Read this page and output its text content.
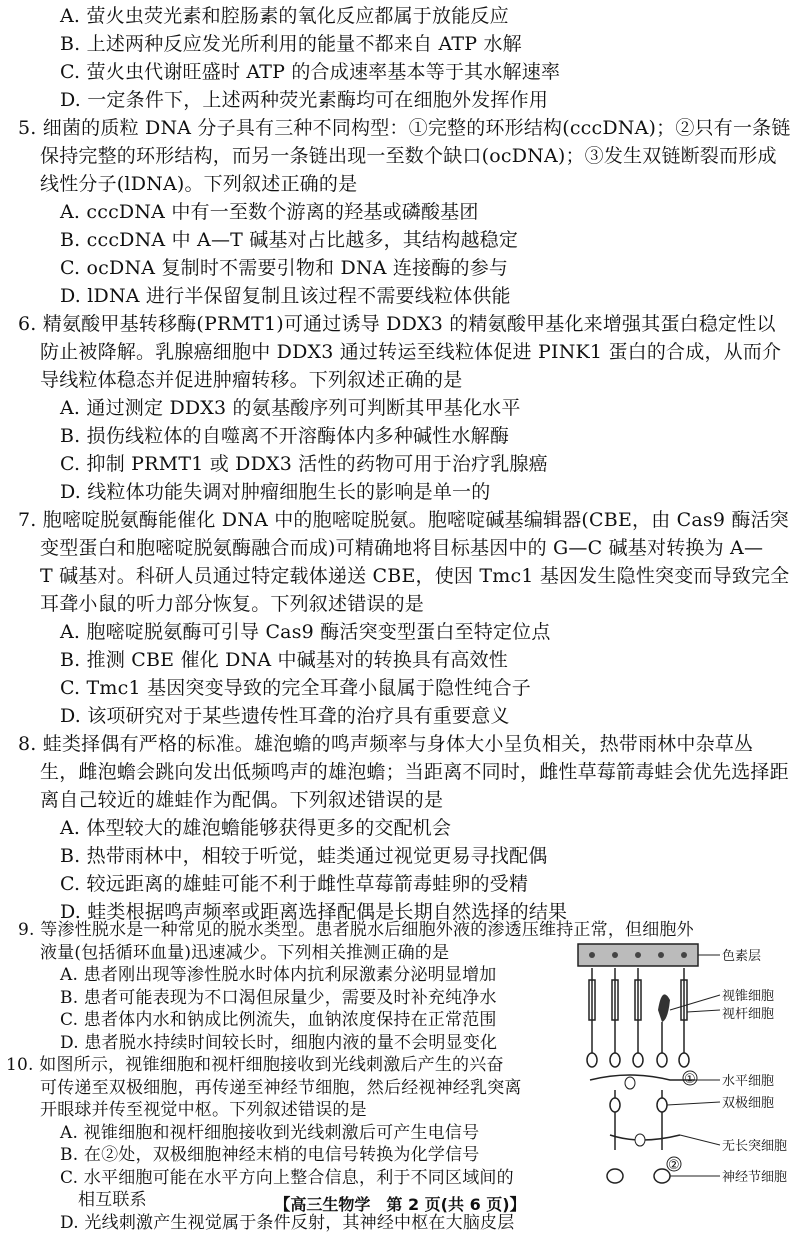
A. 萤火虫荧光素和腔肠素的氧化反应都属于放能反应
B. 上述两种反应发光所利用的能量不都来自 ATP 水解
C. 萤火虫代谢旺盛时 ATP 的合成速率基本等于其水解速率
D. 一定条件下，上述两种荧光素酶均可在细胞外发挥作用
5. 细菌的质粒 DNA 分子具有三种不同构型：①完整的环形结构(cccDNA)；②只有一条链
保持完整的环形结构，而另一条链出现一至数个缺口(ocDNA)；③发生双链断裂而形成
线性分子(lDNA)。下列叙述正确的是
A. cccDNA 中有一至数个游离的羟基或磷酸基团
B. cccDNA 中 A—T 碱基对占比越多，其结构越稳定
C. ocDNA 复制时不需要引物和 DNA 连接酶的参与
D. lDNA 进行半保留复制且该过程不需要线粒体供能
6. 精氨酸甲基转移酶(PRMT1)可通过诱导 DDX3 的精氨酸甲基化来增强其蛋白稳定性以
防止被降解。乳腺癌细胞中 DDX3 通过转运至线粒体促进 PINK1 蛋白的合成，从而介
导线粒体稳态并促进肿瘤转移。下列叙述正确的是
A. 通过测定 DDX3 的氨基酸序列可判断其甲基化水平
B. 损伤线粒体的自噬离不开溶酶体内多种碱性水解酶
C. 抑制 PRMT1 或 DDX3 活性的药物可用于治疗乳腺癌
D. 线粒体功能失调对肿瘤细胞生长的影响是单一的
7. 胞嘧啶脱氨酶能催化 DNA 中的胞嘧啶脱氨。胞嘧啶碱基编辑器(CBE，由 Cas9 酶活突
变型蛋白和胞嘧啶脱氨酶融合而成)可精确地将目标基因中的 G—C 碱基对转换为 A—
T 碱基对。科研人员通过特定载体递送 CBE，使因 Tmc1 基因发生隐性突变而导致完全
耳聋小鼠的听力部分恢复。下列叙述错误的是
A. 胞嘧啶脱氨酶可引导 Cas9 酶活突变型蛋白至特定位点
B. 推测 CBE 催化 DNA 中碱基对的转换具有高效性
C. Tmc1 基因突变导致的完全耳聋小鼠属于隐性纯合子
D. 该项研究对于某些遗传性耳聋的治疗具有重要意义
8. 蛙类择偶有严格的标准。雄泡蟾的鸣声频率与身体大小呈负相关，热带雨林中杂草丛
生，雌泡蟾会跳向发出低频鸣声的雄泡蟾；当距离不同时，雌性草莓箭毒蛙会优先选择距
离自己较近的雄蛙作为配偶。下列叙述错误的是
A. 体型较大的雄泡蟾能够获得更多的交配机会
B. 热带雨林中，相较于听觉，蛙类通过视觉更易寻找配偶
C. 较远距离的雄蛙可能不利于雌性草莓箭毒蛙卵的受精
D. 蛙类根据鸣声频率或距离选择配偶是长期自然选择的结果
9. 等渗性脱水是一种常见的脱水类型。患者脱水后细胞外液的渗透压维持正常，但细胞外
液量(包括循环血量)迅速减少。下列相关推测正确的是
A. 患者刚出现等渗性脱水时体内抗利尿激素分泌明显增加
B. 患者可能表现为不口渴但尿量少，需要及时补充纯净水
C. 患者体内水和钠成比例流失，血钠浓度保持在正常范围
D. 患者脱水持续时间较长时，细胞内液的量不会明显变化
10. 如图所示，视锥细胞和视杆细胞接收到光线刺激后产生的兴奋
可传递至双极细胞，再传递至神经节细胞，然后经视神经乳突离
开眼球并传至视觉中枢。下列叙述错误的是
A. 视锥细胞和视杆细胞接收到光线刺激后可产生电信号
色素层
视锥细胞
视杆细胞
① 水平细胞
双极细胞
无长突细胞
②
神经节细胞
【高三生物学　第 2 页(共 6 页)】
B. 在②处，双极细胞神经末梢的电信号转换为化学信号
C. 水平细胞可能在水平方向上整合信息，利于不同区域间的
相互联系
D. 光线刺激产生视觉属于条件反射，其神经中枢在大脑皮层
